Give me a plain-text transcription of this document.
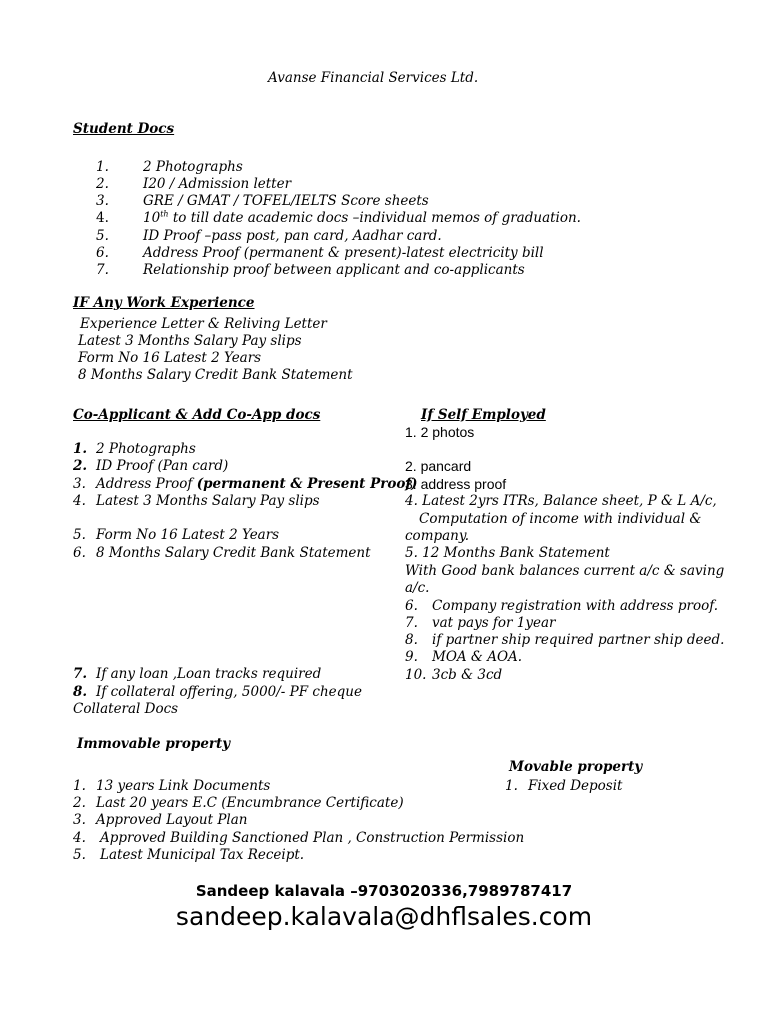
Avanse Financial Services Ltd.
Student Docs
1.	2 Photographs
2.	I20 / Admission letter
3.	GRE / GMAT / TOFEL/IELTS Score sheets
4.	10th to till date academic docs –individual memos of graduation.
5.	ID Proof –pass post, pan card, Aadhar card.
6.	Address Proof (permanent & present)-latest electricity bill
7.	Relationship proof between applicant and co-applicants
IF Any Work Experience
Experience Letter & Reliving Letter
Latest 3 Months Salary Pay slips
Form No 16 Latest 2 Years
8 Months Salary Credit Bank Statement
Co-Applicant & Add Co-App docs
1. 2 Photographs
2. ID Proof (Pan card)
3. Address Proof (permanent & Present Proof)
4. Latest 3 Months Salary Pay slips
5. Form No 16 Latest 2 Years
6. 8 Months Salary Credit Bank Statement
7. If any loan ,Loan tracks required
8. If collateral offering, 5000/- PF cheque
Collateral Docs
If Self Employed
1. 2 photos
2. pancard
3. address proof
4. Latest 2yrs ITRs, Balance sheet, P & L A/c,
Computation of income with individual &
company.
5. 12 Months Bank Statement
With Good bank balances current a/c & saving
a/c.
6. Company registration with address proof.
7. vat pays for 1year
8. if partner ship required partner ship deed.
9. MOA & AOA.
10. 3cb & 3cd
Immovable property
1. 13 years Link Documents
2. Last 20 years E.C (Encumbrance Certificate)
3. Approved Layout Plan
4. Approved Building Sanctioned Plan , Construction Permission
5. Latest Municipal Tax Receipt.
Movable property
1. Fixed Deposit
Sandeep kalavala –9703020336,7989787417
sandeep.kalavala@dhflsales.com
